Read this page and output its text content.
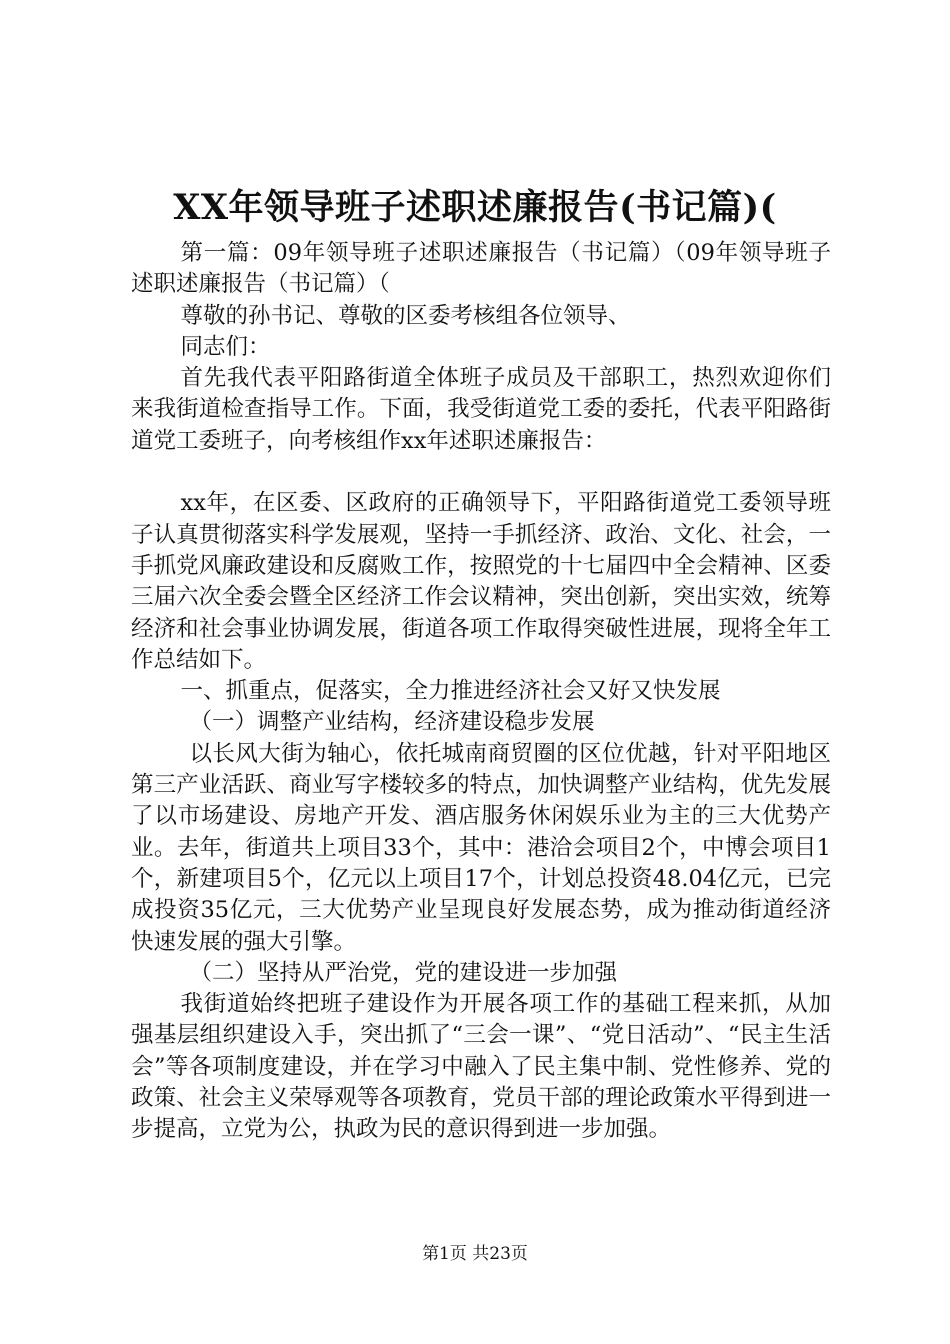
XX年领导班子述职述廉报告(书记篇)(

第一篇：09年领导班子述职述廉报告（书记篇）（09年领导班子述职述廉报告（书记篇）（

尊敬的孙书记、尊敬的区委考核组各位领导、

同志们：

首先我代表平阳路街道全体班子成员及干部职工，热烈欢迎你们来我街道检查指导工作。下面，我受街道党工委的委托，代表平阳路街道党工委班子，向考核组作xx年述职述廉报告：

xx年，在区委、区政府的正确领导下，平阳路街道党工委领导班子认真贯彻落实科学发展观，坚持一手抓经济、政治、文化、社会，一手抓党风廉政建设和反腐败工作，按照党的十七届四中全会精神、区委三届六次全委会暨全区经济工作会议精神，突出创新，突出实效，统筹经济和社会事业协调发展，街道各项工作取得突破性进展，现将全年工作总结如下。

一、抓重点，促落实，全力推进经济社会又好又快发展

（一）调整产业结构，经济建设稳步发展

以长风大街为轴心，依托城南商贸圈的区位优越，针对平阳地区第三产业活跃、商业写字楼较多的特点，加快调整产业结构，优先发展了以市场建设、房地产开发、酒店服务休闲娱乐业为主的三大优势产业。去年，街道共上项目33个，其中：港洽会项目2个，中博会项目1个，新建项目5个，亿元以上项目17个，计划总投资48.04亿元，已完成投资35亿元，三大优势产业呈现良好发展态势，成为推动街道经济快速发展的强大引擎。

（二）坚持从严治党，党的建设进一步加强

我街道始终把班子建设作为开展各项工作的基础工程来抓，从加强基层组织建设入手，突出抓了“三会一课”、“党日活动”、“民主生活会”等各项制度建设，并在学习中融入了民主集中制、党性修养、党的政策、社会主义荣辱观等各项教育，党员干部的理论政策水平得到进一步提高，立党为公，执政为民的意识得到进一步加强。

第1页 共23页
